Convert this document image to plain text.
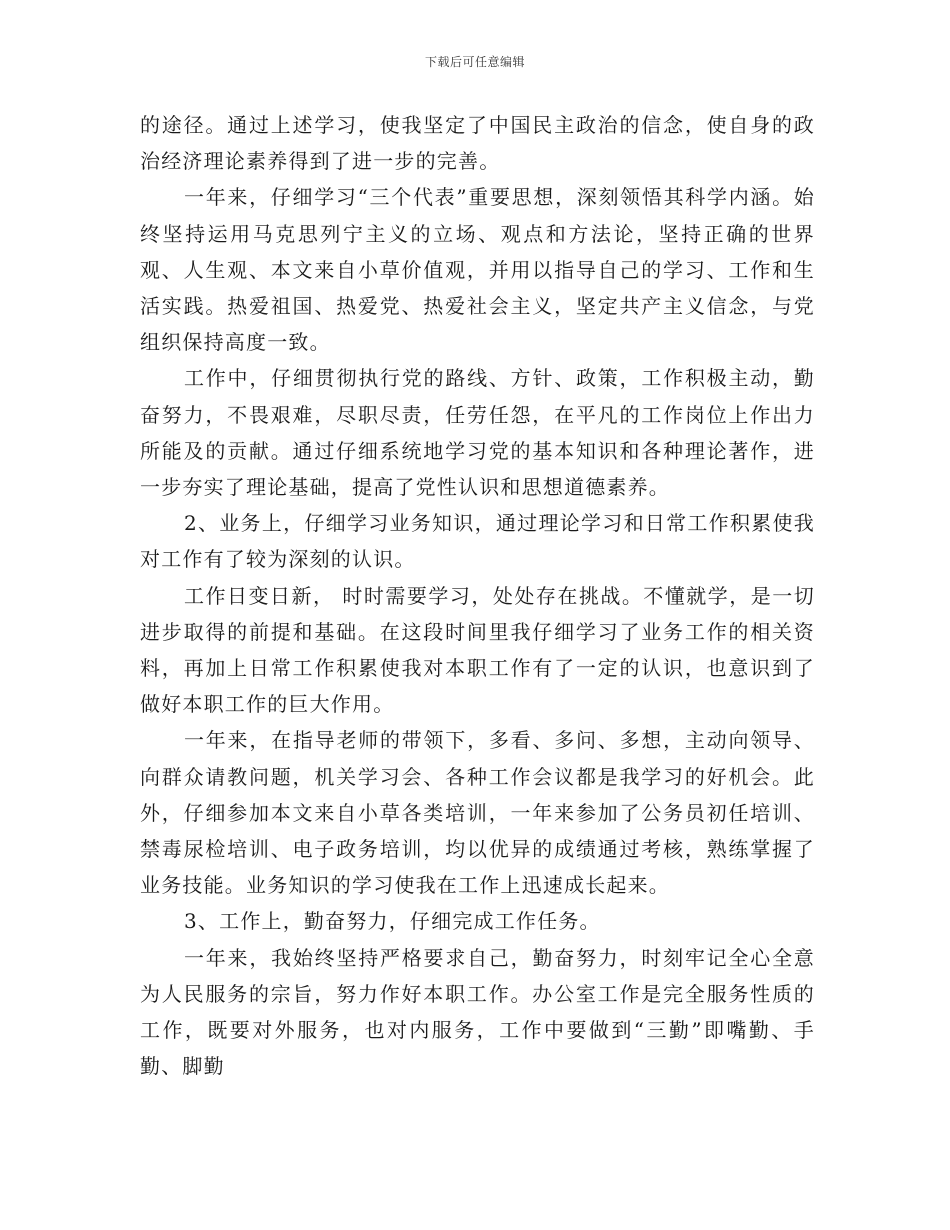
下载后可任意编辑

的途径。通过上述学习，使我坚定了中国民主政治的信念，使自身的政治经济理论素养得到了进一步的完善。

一年来，仔细学习“三个代表”重要思想，深刻领悟其科学内涵。始终坚持运用马克思列宁主义的立场、观点和方法论，坚持正确的世界观、人生观、本文来自小草价值观，并用以指导自己的学习、工作和生活实践。热爱祖国、热爱党、热爱社会主义，坚定共产主义信念，与党组织保持高度一致。

工作中，仔细贯彻执行党的路线、方针、政策，工作积极主动，勤奋努力，不畏艰难，尽职尽责，任劳任怨，在平凡的工作岗位上作出力所能及的贡献。通过仔细系统地学习党的基本知识和各种理论著作，进一步夯实了理论基础，提高了党性认识和思想道德素养。

2、业务上，仔细学习业务知识，通过理论学习和日常工作积累使我对工作有了较为深刻的认识。

工作日变日新， 时时需要学习，处处存在挑战。不懂就学，是一切进步取得的前提和基础。在这段时间里我仔细学习了业务工作的相关资料，再加上日常工作积累使我对本职工作有了一定的认识，也意识到了做好本职工作的巨大作用。

一年来，在指导老师的带领下，多看、多问、多想，主动向领导、向群众请教问题，机关学习会、各种工作会议都是我学习的好机会。此外，仔细参加本文来自小草各类培训，一年来参加了公务员初任培训、禁毒尿检培训、电子政务培训，均以优异的成绩通过考核，熟练掌握了业务技能。业务知识的学习使我在工作上迅速成长起来。

3、工作上，勤奋努力，仔细完成工作任务。

一年来，我始终坚持严格要求自己，勤奋努力，时刻牢记全心全意为人民服务的宗旨，努力作好本职工作。办公室工作是完全服务性质的工作，既要对外服务，也对内服务，工作中要做到“三勤”即嘴勤、手勤、脚勤
